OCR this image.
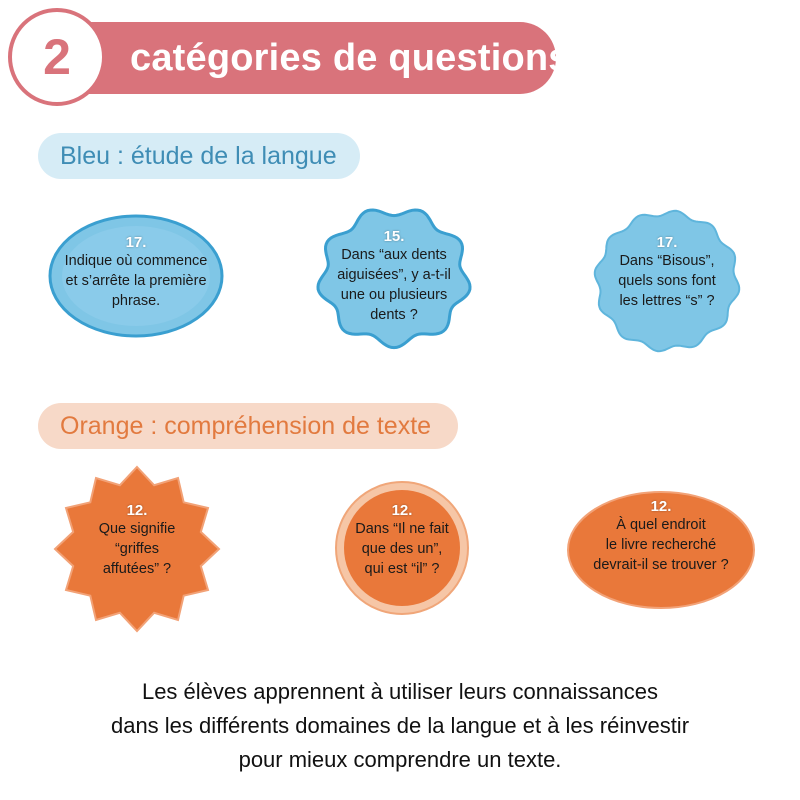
catégories de questions
2
Bleu : étude de la langue
17.
Indique où commence
et s’arrête la première
phrase.
15.
Dans “aux dents
aiguisées”, y a-t-il
une ou plusieurs
dents ?
17.
Dans “Bisous”,
quels sons font
les lettres “s” ?
Orange : compréhension de texte
12.
Que signifie
“griffes
affutées” ?
12.
Dans “Il ne fait
que des un”,
qui est “il” ?
12.
À quel endroit
le livre recherché
devrait-il se trouver ?
Les élèves apprennent à utiliser leurs connaissances
dans les différents domaines de la langue et à les réinvestir
pour mieux comprendre un texte.
